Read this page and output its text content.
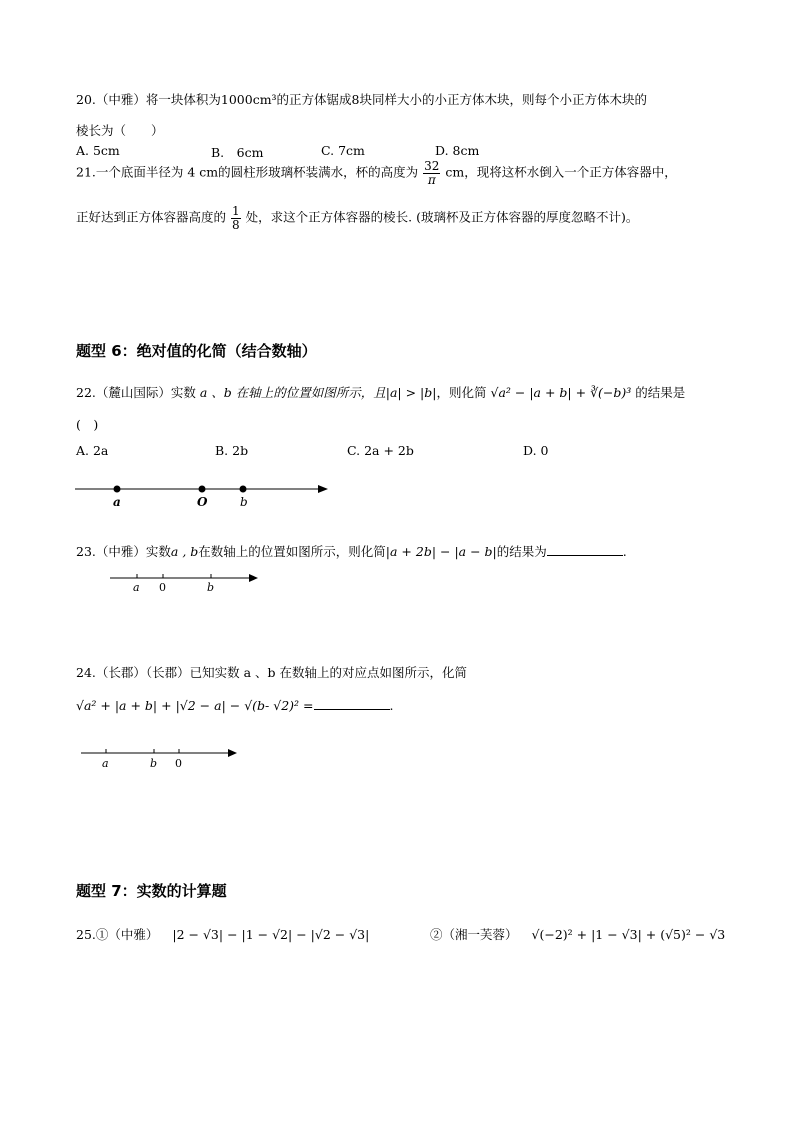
20.（中雅）将一块体积为1000cm³的正方体锯成8块同样大小的小正方体木块，则每个小正方体木块的
棱长为（　　）
A. 5cm	B.　6cm	C. 7cm	D. 8cm
21.一个底面半径为 4 cm的圆柱形玻璃杯装满水，杯的高度为 $\frac{32}{\pi}$ cm，现将这杯水倒入一个正方体容器中，
正好达到正方体容器高度的 $\frac{1}{8}$ 处，求这个正方体容器的棱长. (玻璃杯及正方体容器的厚度忽略不计)。
题型 6：绝对值的化简（结合数轴）
22.（麓山国际）实数 a 、b 在轴上的位置如图所示，且|a| > |b|，则化简 √a² − |a + b| + ∛(−b)³ 的结果是
(　)
A. 2a	B. 2b	C. 2a + 2b	D. 0
a	O	b
23.（中雅）实数a , b在数轴上的位置如图所示，则化简|a + 2b| − |a − b|的结果为	.
a 0	b
24.（长郡）（长郡）已知实数 a 、b 在数轴上的对应点如图所示，化简
√a² + |a + b| + |√2 − a| − √(b- √2)² =	.
a	b 0
题型 7：实数的计算题
25.①（中雅） |2 − √3| − |1 − √2| − |√2 − √3|	②（湘一芙蓉） √(−2)² + |1 − √3| + (√5)² − √3
